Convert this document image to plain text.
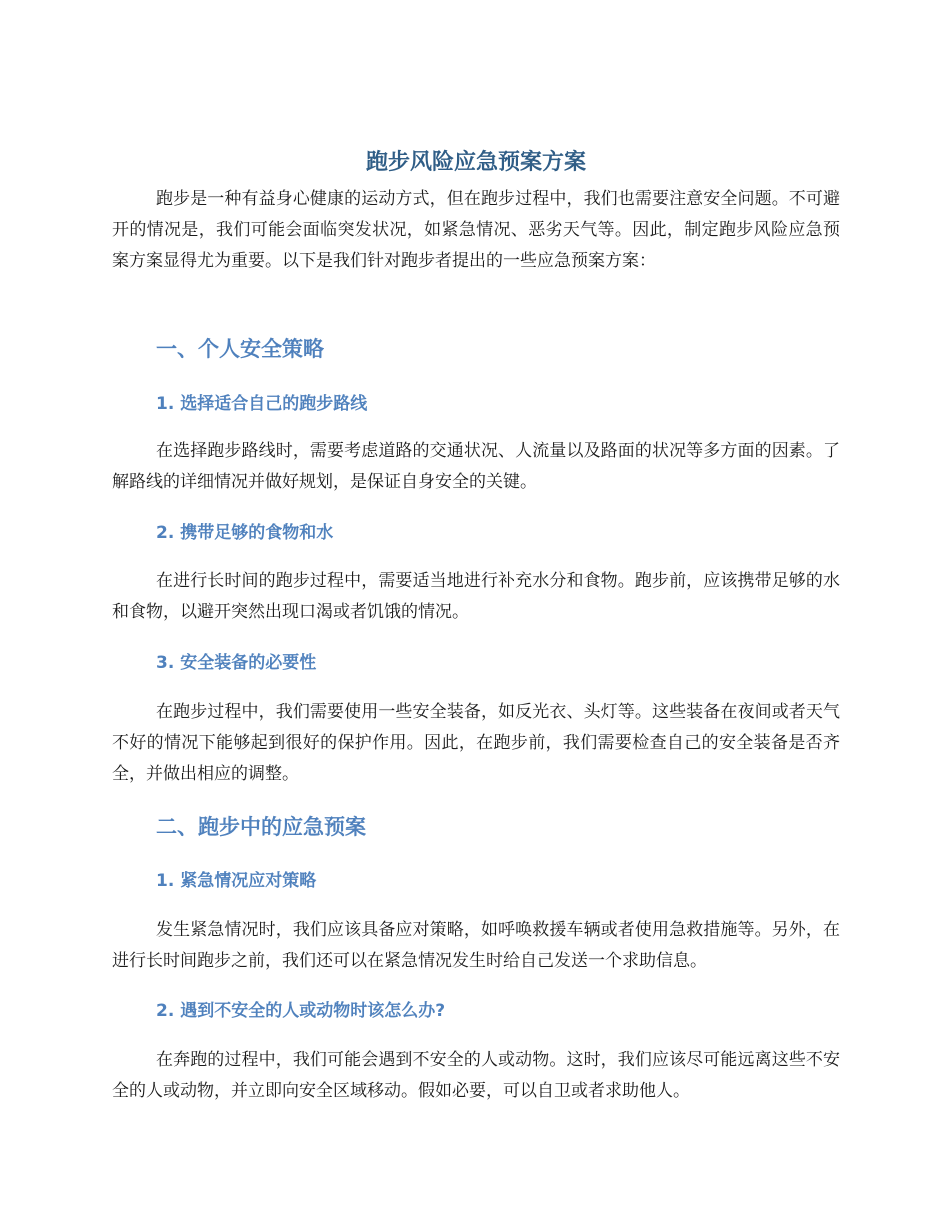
跑步风险应急预案方案

跑步是一种有益身心健康的运动方式，但在跑步过程中，我们也需要注意安全问题。不可避开的情况是，我们可能会面临突发状况，如紧急情况、恶劣天气等。因此，制定跑步风险应急预案方案显得尤为重要。以下是我们针对跑步者提出的一些应急预案方案：

一、个人安全策略
1. 选择适合自己的跑步路线

在选择跑步路线时，需要考虑道路的交通状况、人流量以及路面的状况等多方面的因素。了解路线的详细情况并做好规划，是保证自身安全的关键。

2. 携带足够的食物和水

在进行长时间的跑步过程中，需要适当地进行补充水分和食物。跑步前，应该携带足够的水和食物，以避开突然出现口渴或者饥饿的情况。

3. 安全装备的必要性

在跑步过程中，我们需要使用一些安全装备，如反光衣、头灯等。这些装备在夜间或者天气不好的情况下能够起到很好的保护作用。因此，在跑步前，我们需要检查自己的安全装备是否齐全，并做出相应的调整。

二、跑步中的应急预案
1. 紧急情况应对策略

发生紧急情况时，我们应该具备应对策略，如呼唤救援车辆或者使用急救措施等。另外，在进行长时间跑步之前，我们还可以在紧急情况发生时给自己发送一个求助信息。

2. 遇到不安全的人或动物时该怎么办?

在奔跑的过程中，我们可能会遇到不安全的人或动物。这时，我们应该尽可能远离这些不安全的人或动物，并立即向安全区域移动。假如必要，可以自卫或者求助他人。
